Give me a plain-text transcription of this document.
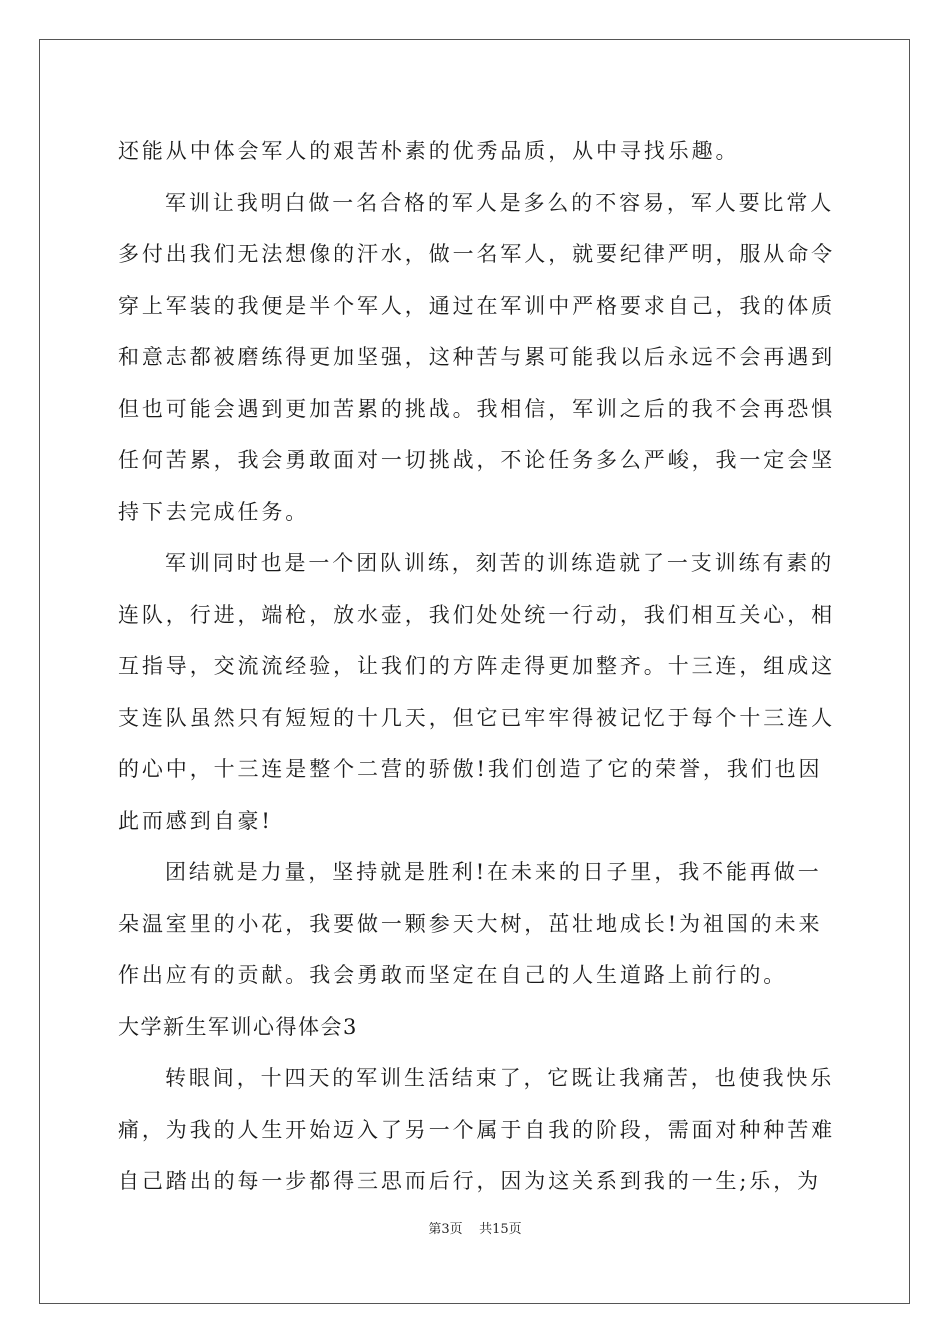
还能从中体会军人的艰苦朴素的优秀品质，从中寻找乐趣。
军训让我明白做一名合格的军人是多么的不容易，军人要比常人
多付出我们无法想像的汗水，做一名军人，就要纪律严明，服从命令
穿上军装的我便是半个军人，通过在军训中严格要求自己，我的体质
和意志都被磨练得更加坚强，这种苦与累可能我以后永远不会再遇到
但也可能会遇到更加苦累的挑战。我相信，军训之后的我不会再恐惧
任何苦累，我会勇敢面对一切挑战，不论任务多么严峻，我一定会坚
持下去完成任务。
军训同时也是一个团队训练，刻苦的训练造就了一支训练有素的
连队，行进，端枪，放水壶，我们处处统一行动，我们相互关心，相
互指导，交流流经验，让我们的方阵走得更加整齐。十三连，组成这
支连队虽然只有短短的十几天，但它已牢牢得被记忆于每个十三连人
的心中，十三连是整个二营的骄傲!我们创造了它的荣誉，我们也因
此而感到自豪!
团结就是力量，坚持就是胜利!在未来的日子里，我不能再做一
朵温室里的小花，我要做一颗参天大树，茁壮地成长!为祖国的未来
作出应有的贡献。我会勇敢而坚定在自己的人生道路上前行的。
大学新生军训心得体会3
转眼间，十四天的军训生活结束了，它既让我痛苦，也使我快乐
痛，为我的人生开始迈入了另一个属于自我的阶段，需面对种种苦难
自己踏出的每一步都得三思而后行，因为这关系到我的一生;乐，为
第3页 共15页
